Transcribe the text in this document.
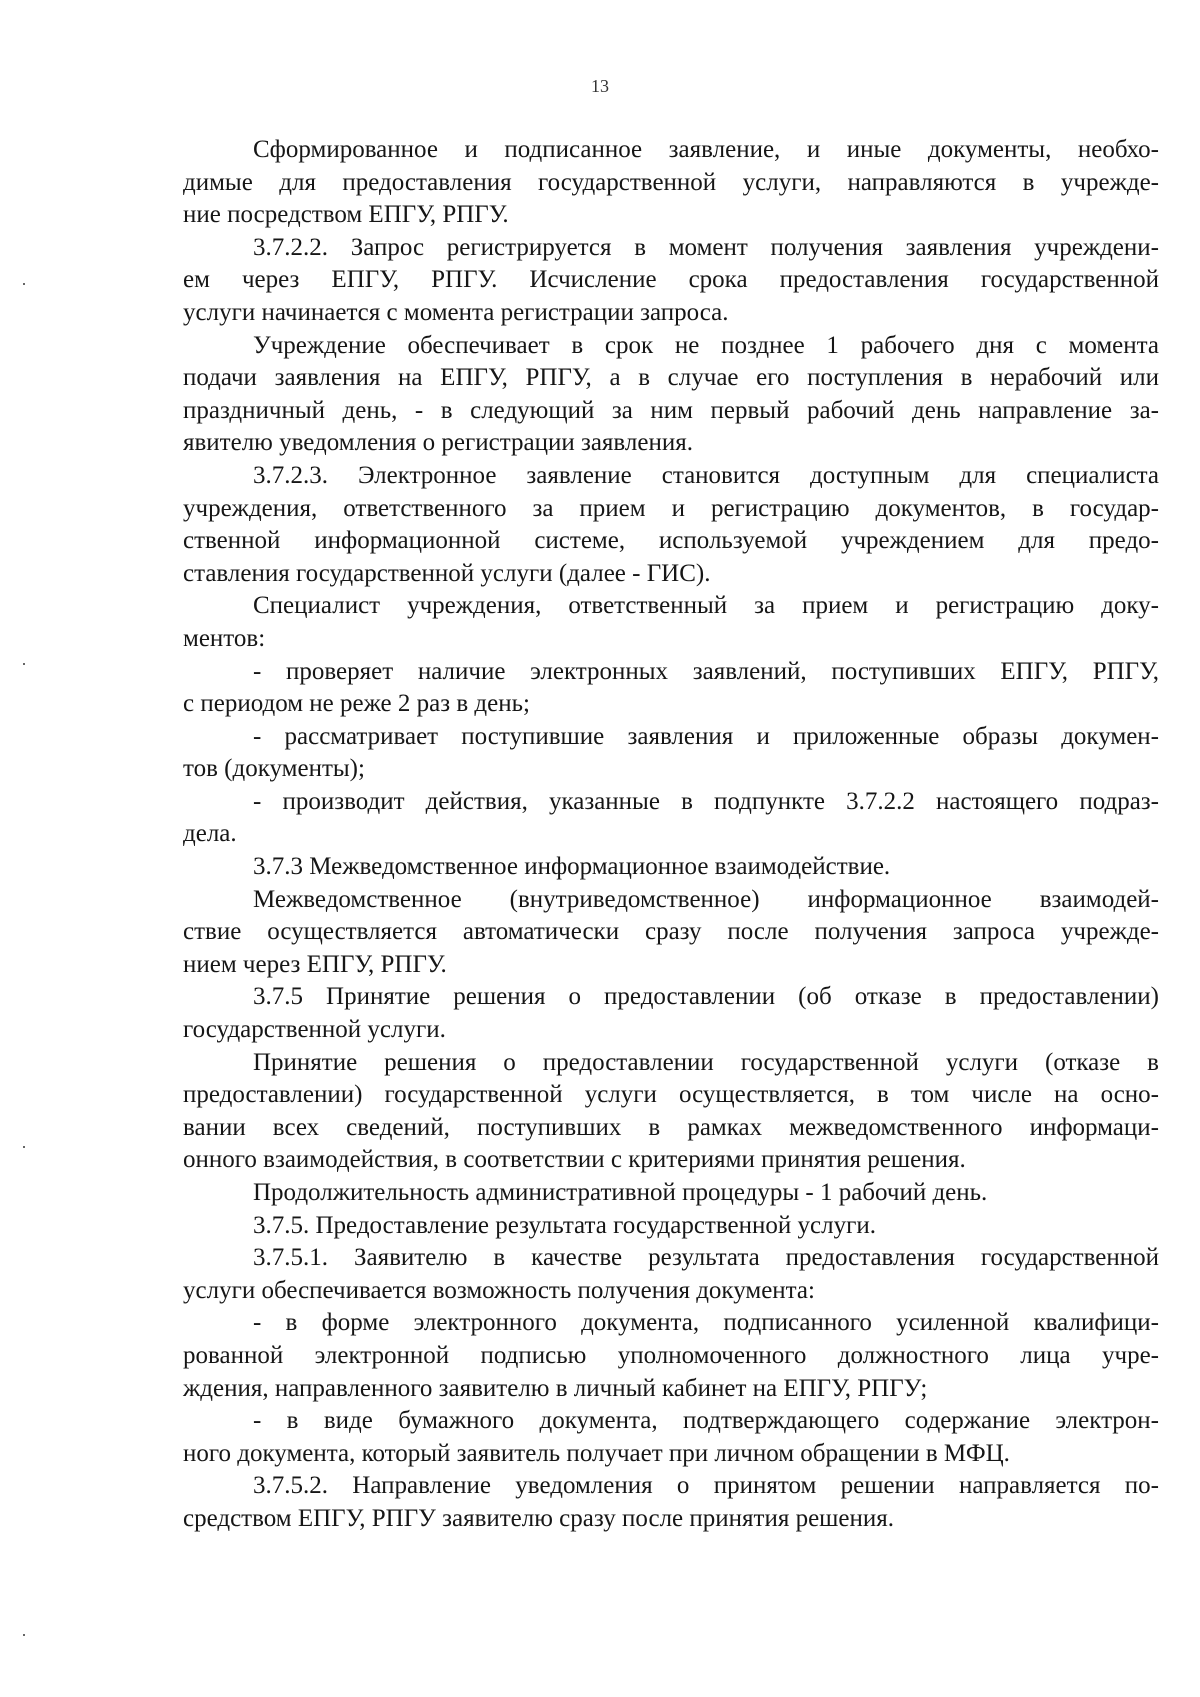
13
Сформированное и подписанное заявление, и иные документы, необхо-
димые для предоставления государственной услуги, направляются в учрежде-
ние посредством ЕПГУ, РПГУ.
3.7.2.2. Запрос регистрируется в момент получения заявления учреждени-
ем через ЕПГУ, РПГУ. Исчисление срока предоставления государственной
услуги начинается с момента регистрации запроса.
Учреждение обеспечивает в срок не позднее 1 рабочего дня с момента
подачи заявления на ЕПГУ, РПГУ, а в случае его поступления в нерабочий или
праздничный день, - в следующий за ним первый рабочий день направление за-
явителю уведомления о регистрации заявления.
3.7.2.3. Электронное заявление становится доступным для специалиста
учреждения, ответственного за прием и регистрацию документов, в государ-
ственной информационной системе, используемой учреждением для предо-
ставления государственной услуги (далее - ГИС).
Специалист учреждения, ответственный за прием и регистрацию доку-
ментов:
- проверяет наличие электронных заявлений, поступивших ЕПГУ, РПГУ,
с периодом не реже 2 раз в день;
- рассматривает поступившие заявления и приложенные образы докумен-
тов (документы);
- производит действия, указанные в подпункте 3.7.2.2 настоящего подраз-
дела.
3.7.3 Межведомственное информационное взаимодействие.
Межведомственное (внутриведомственное) информационное взаимодей-
ствие осуществляется автоматически сразу после получения запроса учрежде-
нием через ЕПГУ, РПГУ.
3.7.5 Принятие решения о предоставлении (об отказе в предоставлении)
государственной услуги.
Принятие решения о предоставлении государственной услуги (отказе в
предоставлении) государственной услуги осуществляется, в том числе на осно-
вании всех сведений, поступивших в рамках межведомственного информаци-
онного взаимодействия, в соответствии с критериями принятия решения.
Продолжительность административной процедуры - 1 рабочий день.
3.7.5. Предоставление результата государственной услуги.
3.7.5.1. Заявителю в качестве результата предоставления государственной
услуги обеспечивается возможность получения документа:
- в форме электронного документа, подписанного усиленной квалифици-
рованной электронной подписью уполномоченного должностного лица учре-
ждения, направленного заявителю в личный кабинет на ЕПГУ, РПГУ;
- в виде бумажного документа, подтверждающего содержание электрон-
ного документа, который заявитель получает при личном обращении в МФЦ.
3.7.5.2. Направление уведомления о принятом решении направляется по-
средством ЕПГУ, РПГУ заявителю сразу после принятия решения.
